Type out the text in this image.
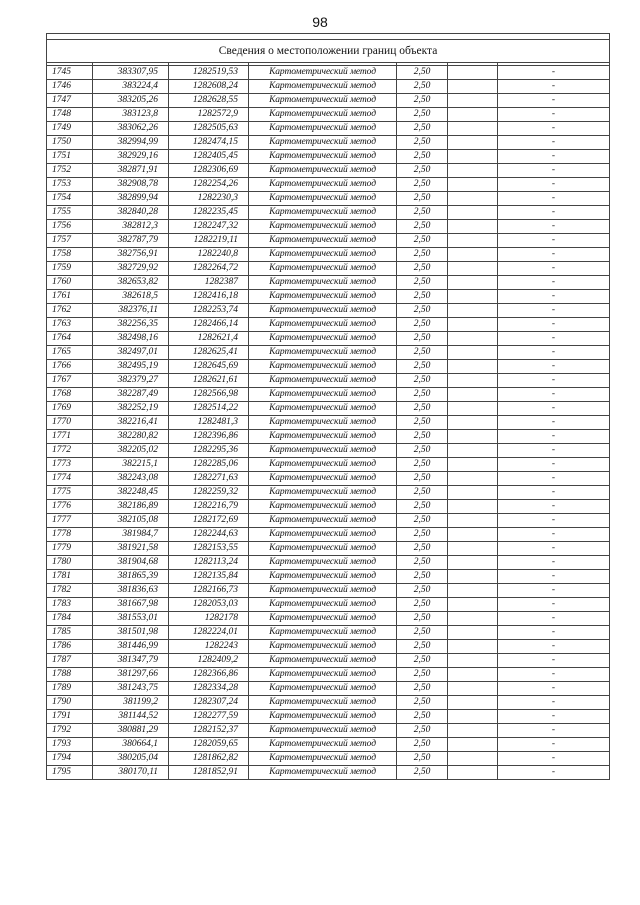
98

Сведения о местоположении границ объекта						

1745	383307,95	1282519,53	Картометрический метод	2,50		-
1746	383224,4	1282608,24	Картометрический метод	2,50		-
1747	383205,26	1282628,55	Картометрический метод	2,50		-
1748	383123,8	1282572,9	Картометрический метод	2,50		-
1749	383062,26	1282505,63	Картометрический метод	2,50		-
1750	382994,99	1282474,15	Картометрический метод	2,50		-
1751	382929,16	1282405,45	Картометрический метод	2,50		-
1752	382871,91	1282306,69	Картометрический метод	2,50		-
1753	382908,78	1282254,26	Картометрический метод	2,50		-
1754	382899,94	1282230,3	Картометрический метод	2,50		-
1755	382840,28	1282235,45	Картометрический метод	2,50		-
1756	382812,3	1282247,32	Картометрический метод	2,50		-
1757	382787,79	1282219,11	Картометрический метод	2,50		-
1758	382756,91	1282240,8	Картометрический метод	2,50		-
1759	382729,92	1282264,72	Картометрический метод	2,50		-
1760	382653,82	1282387	Картометрический метод	2,50		-
1761	382618,5	1282416,18	Картометрический метод	2,50		-
1762	382376,11	1282253,74	Картометрический метод	2,50		-
1763	382256,35	1282466,14	Картометрический метод	2,50		-
1764	382498,16	1282621,4	Картометрический метод	2,50		-
1765	382497,01	1282625,41	Картометрический метод	2,50		-
1766	382495,19	1282645,69	Картометрический метод	2,50		-
1767	382379,27	1282621,61	Картометрический метод	2,50		-
1768	382287,49	1282566,98	Картометрический метод	2,50		-
1769	382252,19	1282514,22	Картометрический метод	2,50		-
1770	382216,41	1282481,3	Картометрический метод	2,50		-
1771	382280,82	1282396,86	Картометрический метод	2,50		-
1772	382205,02	1282295,36	Картометрический метод	2,50		-
1773	382215,1	1282285,06	Картометрический метод	2,50		-
1774	382243,08	1282271,63	Картометрический метод	2,50		-
1775	382248,45	1282259,32	Картометрический метод	2,50		-
1776	382186,89	1282216,79	Картометрический метод	2,50		-
1777	382105,08	1282172,69	Картометрический метод	2,50		-
1778	381984,7	1282244,63	Картометрический метод	2,50		-
1779	381921,58	1282153,55	Картометрический метод	2,50		-
1780	381904,68	1282113,24	Картометрический метод	2,50		-
1781	381865,39	1282135,84	Картометрический метод	2,50		-
1782	381836,63	1282166,73	Картометрический метод	2,50		-
1783	381667,98	1282053,03	Картометрический метод	2,50		-
1784	381553,01	1282178	Картометрический метод	2,50		-
1785	381501,98	1282224,01	Картометрический метод	2,50		-
1786	381446,99	1282243	Картометрический метод	2,50		-
1787	381347,79	1282409,2	Картометрический метод	2,50		-
1788	381297,66	1282366,86	Картометрический метод	2,50		-
1789	381243,75	1282334,28	Картометрический метод	2,50		-
1790	381199,2	1282307,24	Картометрический метод	2,50		-
1791	381144,52	1282277,59	Картометрический метод	2,50		-
1792	380881,29	1282152,37	Картометрический метод	2,50		-
1793	380664,1	1282059,65	Картометрический метод	2,50		-
1794	380205,04	1281862,82	Картометрический метод	2,50		-
1795	380170,11	1281852,91	Картометрический метод	2,50		-
